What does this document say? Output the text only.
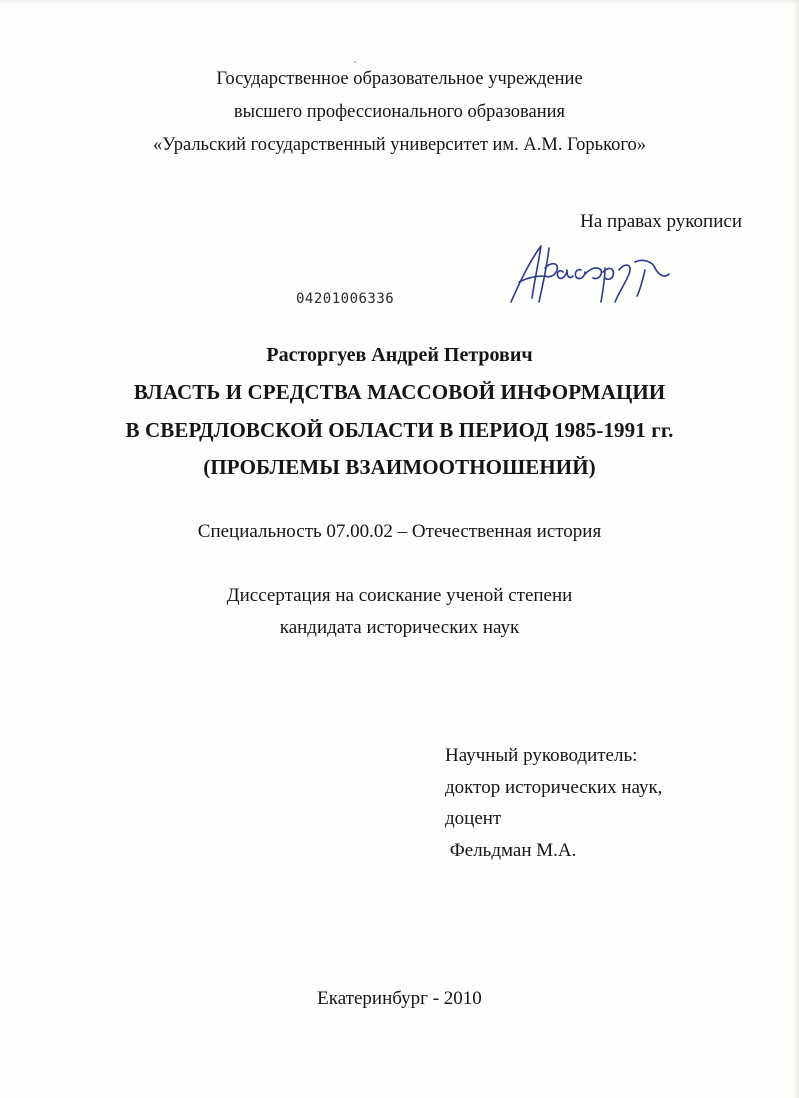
Государственное образовательное учреждение
высшего профессионального образования
«Уральский государственный университет им. А.М. Горького»
На правах рукописи
04201006336
Расторгуев Андрей Петрович
ВЛАСТЬ И СРЕДСТВА МАССОВОЙ ИНФОРМАЦИИ
В СВЕРДЛОВСКОЙ ОБЛАСТИ В ПЕРИОД 1985-1991 гг.
(ПРОБЛЕМЫ ВЗАИМООТНОШЕНИЙ)
Специальность 07.00.02 – Отечественная история
Диссертация на соискание ученой степени
кандидата исторических наук
Научный руководитель:
доктор исторических наук,
доцент
Фельдман М.А.
Екатеринбург - 2010
